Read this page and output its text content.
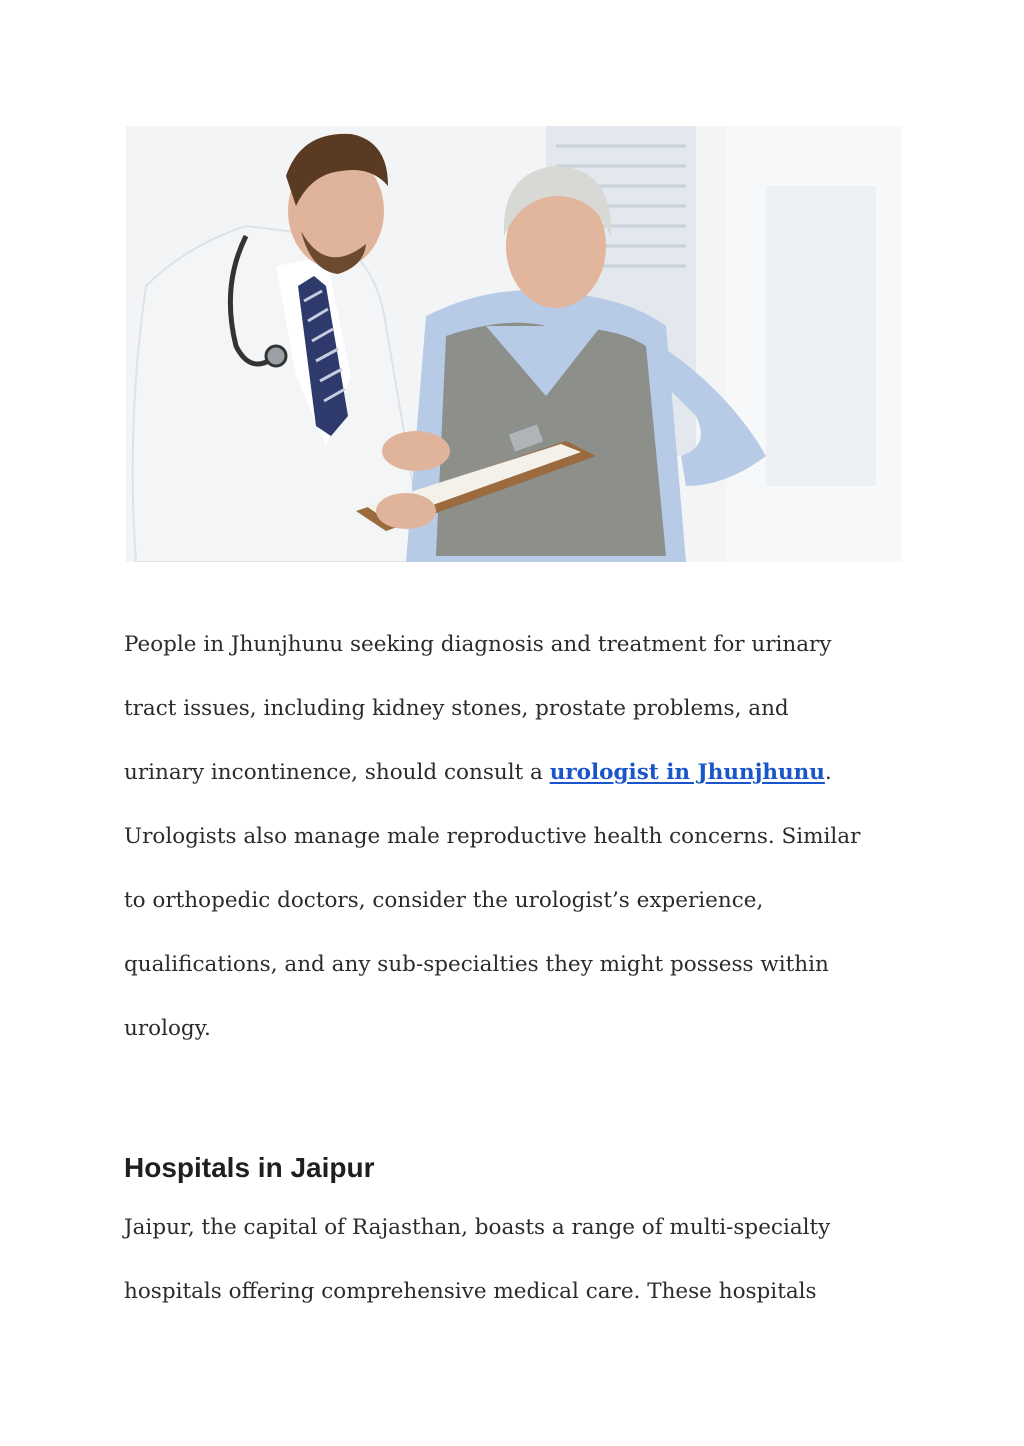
People in Jhunjhunu seeking diagnosis and treatment for urinary
tract issues, including kidney stones, prostate problems, and
urinary incontinence, should consult a urologist in Jhunjhunu.
Urologists also manage male reproductive health concerns. Similar
to orthopedic doctors, consider the urologist’s experience,
qualifications, and any sub-specialties they might possess within
urology.

Hospitals in Jaipur

Jaipur, the capital of Rajasthan, boasts a range of multi-specialty
hospitals offering comprehensive medical care. These hospitals
